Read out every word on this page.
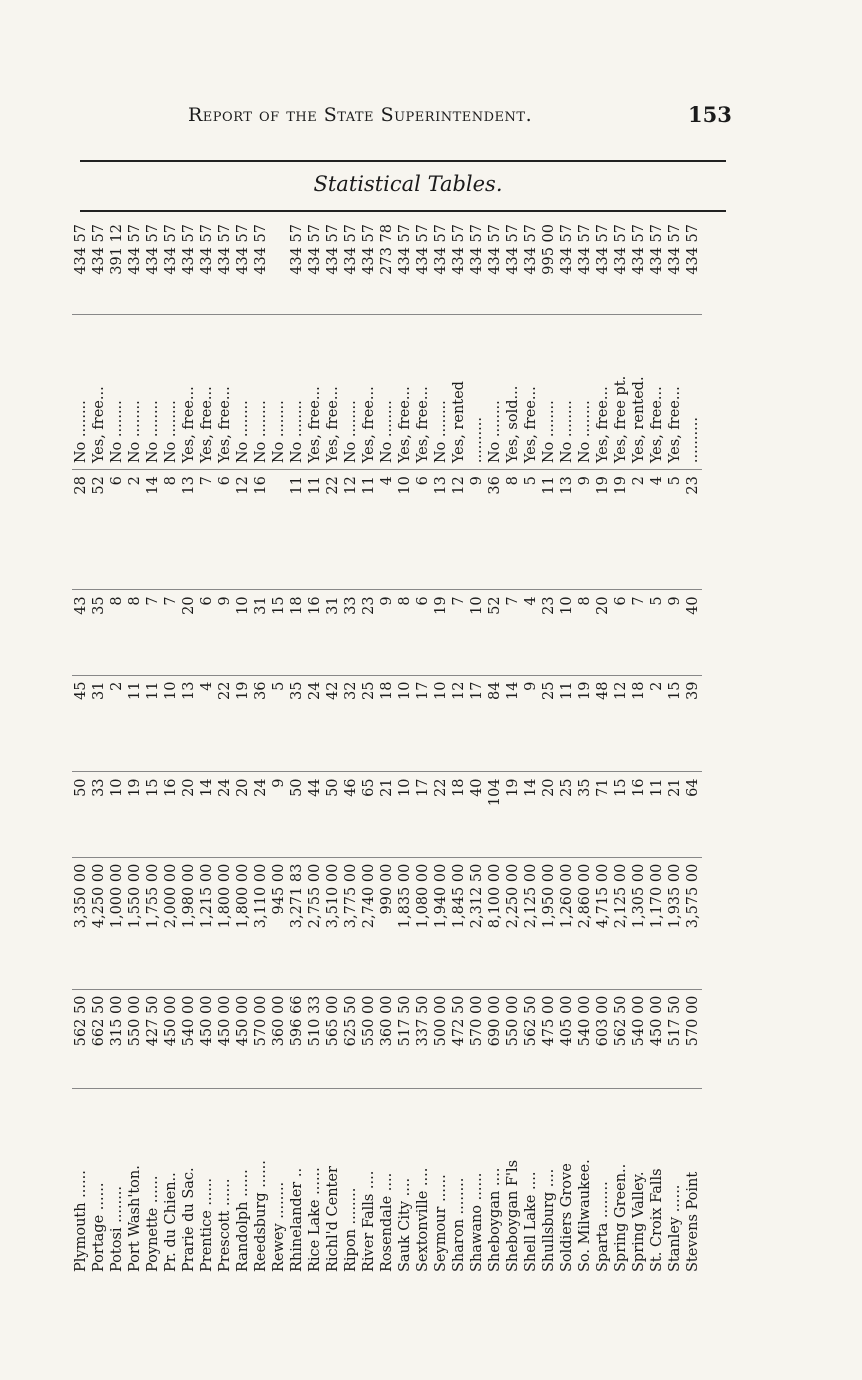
Report of the State Superintendent.	153
Statistical Tables.
Plymouth ......	562 50	3,350 00	50	45	43	28	No ........	434 57
Portage ......	662 50	4,250 00	33	31	35	52	Yes, free...	434 57
Potosi ........	315 00	1,000 00	10	2	8	6	No ........	391 12
Port Wash'ton.	550 00	1,550 00	19	11	8	2	No ........	434 57
Poynette ......	427 50	1,755 00	15	11	7	14	No ........	434 57
Pr. du Chien..	450 00	2,000 00	16	10	7	8	No ........	434 57
Prarie du Sac.	540 00	1,980 00	20	13	20	13	Yes, free...	434 57
Prentice ......	450 00	1,215 00	14	4	6	7	Yes, free...	434 57
Prescott ......	450 00	1,800 00	24	22	9	6	Yes, free...	434 57
Randolph ......	450 00	1,800 00	20	19	10	12	No ........	434 57
Reedsburg ......	570 00	3,110 00	24	36	31	16	No ........	434 57
Rewey ........	360 00	945 00	9	5	15		No ........	
Rhinelander ..	596 66	3,271 83	50	35	18	11	No ........	434 57
Rice Lake ......	510 33	2,755 00	44	24	16	11	Yes, free...	434 57
Richl'd Center	565 00	3,510 00	50	42	31	22	Yes, free...	434 57
Ripon ........	625 50	3,775 00	46	32	33	12	No ........	434 57
River Falls ....	550 00	2,740 00	65	25	23	11	Yes, free...	434 57
Rosendale ....	360 00	990 00	21	18	9	4	No ........	273 78
Sauk City ....	517 50	1,835 00	10	10	8	10	Yes, free...	434 57
Sextonville ....	337 50	1,080 00	17	17	6	6	Yes, free...	434 57
Seymour ......	500 00	1,940 00	22	10	19	13	No ........	434 57
Sharon ........	472 50	1,845 00	18	12	7	12	Yes, rented	434 57
Shawano ......	570 00	2,312 50	40	17	10	9	..........	434 57
Sheboygan ....	690 00	8,100 00	104	84	52	36	No ........	434 57
Sheboygan F'ls	550 00	2,250 00	19	14	7	8	Yes, sold...	434 57
Shell Lake ....	562 50	2,125 00	14	9	4	5	Yes, free...	434 57
Shullsburg ....	475 00	1,950 00	20	25	23	11	No ........	995 00
Soldiers Grove	405 00	1,260 00	25	11	10	13	No ........	434 57
So. Milwaukee.	540 00	2,860 00	35	19	8	9	No ........	434 57
Sparta ........	603 00	4,715 00	71	48	20	19	Yes, free...	434 57
Spring Green..	562 50	2,125 00	15	12	6	19	Yes, free pt.	434 57
Spring Valley.	540 00	1,305 00	16	18	7	2	Yes, rented.	434 57
St. Croix Falls	450 00	1,170 00	11	2	5	4	Yes, free...	434 57
Stanley ......	517 50	1,935 00	21	15	9	5	Yes, free...	434 57
Stevens Point	570 00	3,575 00	64	39	40	23	..........	434 57
